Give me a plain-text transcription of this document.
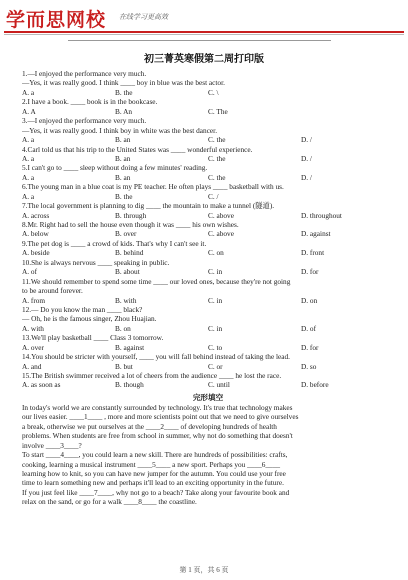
学而思网校 在线学习更高效
初三菁英寒假第二周打印版
1.—I enjoyed the performance very much.
—Yes, it was really good. I think ____ boy in blue was the best actor.
A. a	B. the	C. \
2.I have a book. ____ book is in the bookcase.
A. A	B. An	C. The
3.—I enjoyed the performance very much.
—Yes, it was really good. I think boy in white was the best dancer.
A. a	B. an	C. the	D. /
4.Carl told us that his trip to the United States was ____ wonderful experience.
A. a	B. an	C. the	D. /
5.I can't go to ____ sleep without doing a few minutes' reading.
A. a	B. an	C. the	D. /
6.The young man in a blue coat is my PE teacher. He often plays ____ basketball with us.
A. a	B. the	C. /
7.The local government is planning to dig ____ the mountain to make a tunnel (隧道).
A. across	B. through	C. above	D. throughout
8.Mr. Right had to sell the house even though it was ____ his own wishes.
A. below	B. over	C. above	D. against
9.The pet dog is ____ a crowd of kids. That's why I can't see it.
A. beside	B. behind	C. on	D. front
10.She is always nervous ____ speaking in public.
A. of	B. about	C. in	D. for
11.We should remember to spend some time ____ our loved ones, because they're not going
to be around forever.
A. from	B. with	C. in	D. on
12.— Do you know the man ____ black?
— Oh, he is the famous singer, Zhou Huajian.
A. with	B. on	C. in	D. of
13.We'll play basketball ____ Class 3 tomorrow.
A. over	B. against	C. to	D. for
14.You should be stricter with yourself, ____ you will fall behind instead of taking the lead.
A. and	B. but	C. or	D. so
15.The British swimmer received a lot of cheers from the audience ____ he lost the race.
A. as soon as	B. though	C. until	D. before
完形填空
In today's world we are constantly surrounded by technology. It's true that technology makes
our lives easier. ____1____ , more and more scientists point out that we need to give ourselves
a break, otherwise we put ourselves at the ____2____ of developing hundreds of health
problems. When students are free from school in summer, why not do something that doesn't
involve ____3____?
To start ____4____, you could learn a new skill. There are hundreds of possibilities: crafts,
cooking, learning a musical instrument ____5____ a new sport. Perhaps you ____6____
learning how to knit, so you can have new jumper for the autumn. You could use your free
time to learn something new and perhaps it'll lead to an exciting opportunity in the future.
If you just feel like ____7____, why not go to a beach? Take along your favourite book and
relax on the sand, or go for a walk ____8____ the coastline.
第 1 页，共 6 页
